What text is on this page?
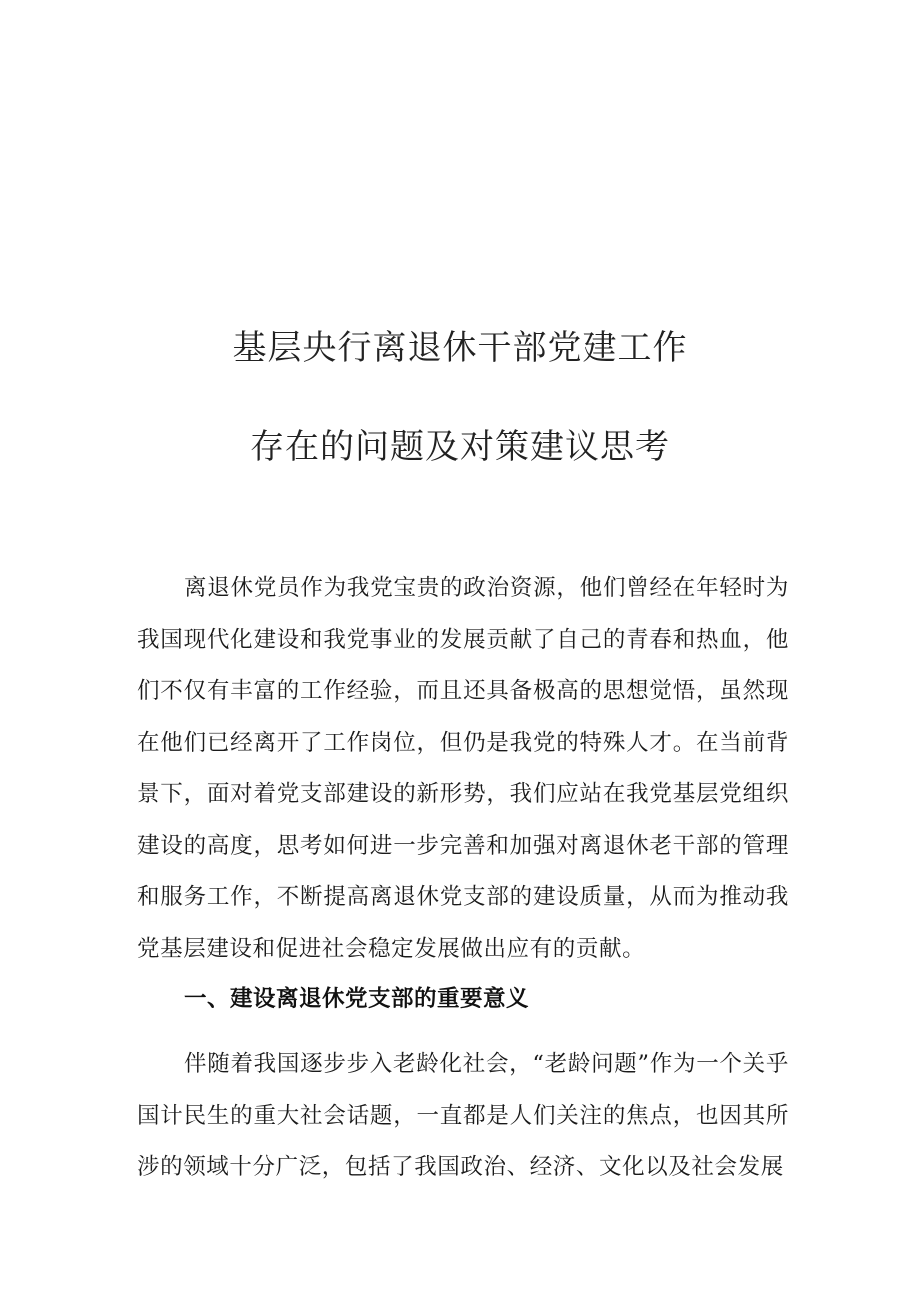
基层央行离退休干部党建工作
存在的问题及对策建议思考

离退休党员作为我党宝贵的政治资源，他们曾经在年轻时为我国现代化建设和我党事业的发展贡献了自己的青春和热血，他们不仅有丰富的工作经验，而且还具备极高的思想觉悟，虽然现在他们已经离开了工作岗位，但仍是我党的特殊人才。在当前背景下，面对着党支部建设的新形势，我们应站在我党基层党组织建设的高度，思考如何进一步完善和加强对离退休老干部的管理和服务工作，不断提高离退休党支部的建设质量，从而为推动我党基层建设和促进社会稳定发展做出应有的贡献。

一、建设离退休党支部的重要意义

伴随着我国逐步步入老龄化社会，“老龄问题”作为一个关乎国计民生的重大社会话题，一直都是人们关注的焦点，也因其所涉的领域十分广泛，包括了我国政治、经济、文化以及社会发展
